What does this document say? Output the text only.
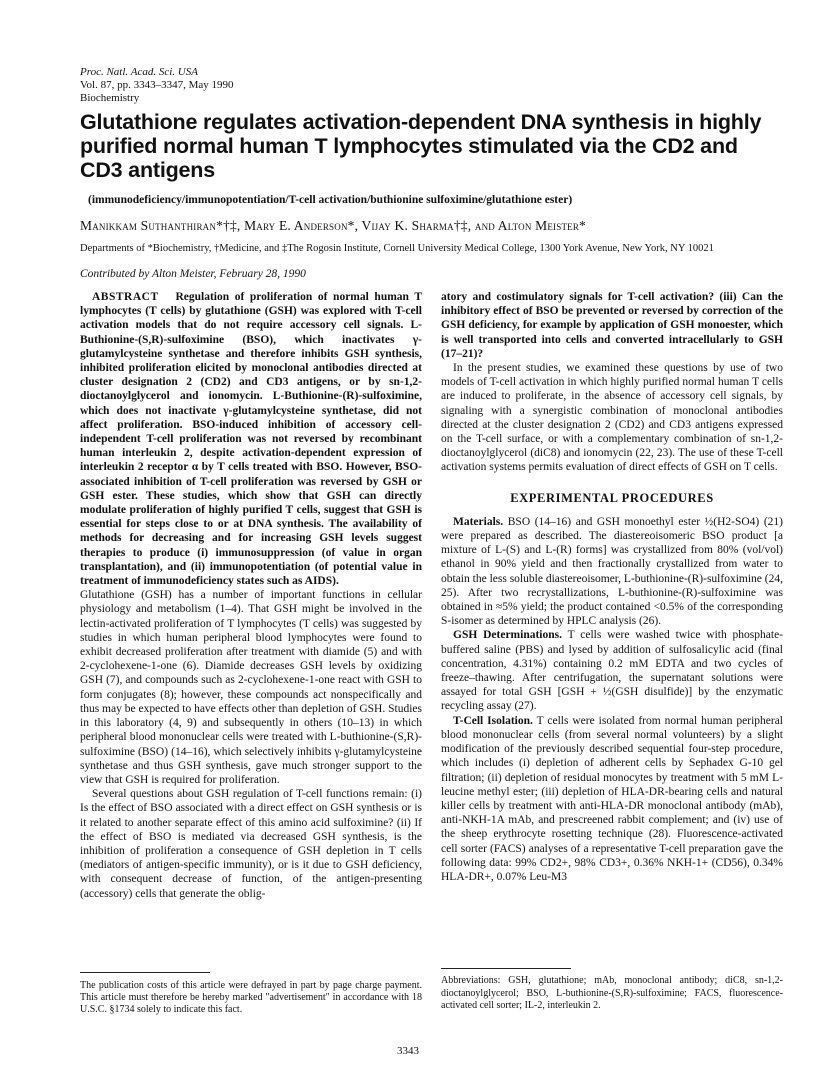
Proc. Natl. Acad. Sci. USA
Vol. 87, pp. 3343–3347, May 1990
Biochemistry
Glutathione regulates activation-dependent DNA synthesis in highly purified normal human T lymphocytes stimulated via the CD2 and CD3 antigens
(immunodeficiency/immunopotentiation/T-cell activation/buthionine sulfoximine/glutathione ester)
Manikkam Suthanthiran*†‡, Mary E. Anderson*, Vijay K. Sharma†‡, and Alton Meister*
Departments of *Biochemistry, †Medicine, and ‡The Rogosin Institute, Cornell University Medical College, 1300 York Avenue, New York, NY 10021
Contributed by Alton Meister, February 28, 1990

ABSTRACT Regulation of proliferation of normal human T lymphocytes (T cells) by glutathione (GSH) was explored with T-cell activation models that do not require accessory cell signals. L-Buthionine-(S,R)-sulfoximine (BSO), which inactivates γ-glutamylcysteine synthetase and therefore inhibits GSH synthesis, inhibited proliferation elicited by monoclonal antibodies directed at cluster designation 2 (CD2) and CD3 antigens, or by sn-1,2-dioctanoylglycerol and ionomycin. L-Buthionine-(R)-sulfoximine, which does not inactivate γ-glutamylcysteine synthetase, did not affect proliferation. BSO-induced inhibition of accessory cell-independent T-cell proliferation was not reversed by recombinant human interleukin 2, despite activation-dependent expression of interleukin 2 receptor α by T cells treated with BSO. However, BSO-associated inhibition of T-cell proliferation was reversed by GSH or GSH ester. These studies, which show that GSH can directly modulate proliferation of highly purified T cells, suggest that GSH is essential for steps close to or at DNA synthesis. The availability of methods for decreasing and for increasing GSH levels suggest therapies to produce (i) immunosuppression (of value in organ transplantation), and (ii) immunopotentiation (of potential value in treatment of immunodeficiency states such as AIDS).

Glutathione (GSH) has a number of important functions in cellular physiology and metabolism (1–4). That GSH might be involved in the lectin-activated proliferation of T lymphocytes (T cells) was suggested by studies in which human peripheral blood lymphocytes were found to exhibit decreased proliferation after treatment with diamide (5) and with 2-cyclohexene-1-one (6). Diamide decreases GSH levels by oxidizing GSH (7), and compounds such as 2-cyclohexene-1-one react with GSH to form conjugates (8); however, these compounds act nonspecifically and thus may be expected to have effects other than depletion of GSH. Studies in this laboratory (4, 9) and subsequently in others (10–13) in which peripheral blood mononuclear cells were treated with L-buthionine-(S,R)-sulfoximine (BSO) (14–16), which selectively inhibits γ-glutamylcysteine synthetase and thus GSH synthesis, gave much stronger support to the view that GSH is required for proliferation.

Several questions about GSH regulation of T-cell functions remain: (i) Is the effect of BSO associated with a direct effect on GSH synthesis or is it related to another separate effect of this amino acid sulfoximine? (ii) If the effect of BSO is mediated via decreased GSH synthesis, is the inhibition of proliferation a consequence of GSH depletion in T cells (mediators of antigen-specific immunity), or is it due to GSH deficiency, with consequent decrease of function, of the antigen-presenting (accessory) cells that generate the oblig-

atory and costimulatory signals for T-cell activation? (iii) Can the inhibitory effect of BSO be prevented or reversed by correction of the GSH deficiency, for example by application of GSH monoester, which is well transported into cells and converted intracellularly to GSH (17–21)?

In the present studies, we examined these questions by use of two models of T-cell activation in which highly purified normal human T cells are induced to proliferate, in the absence of accessory cell signals, by signaling with a synergistic combination of monoclonal antibodies directed at the cluster designation 2 (CD2) and CD3 antigens expressed on the T-cell surface, or with a complementary combination of sn-1,2-dioctanoylglycerol (diC8) and ionomycin (22, 23). The use of these T-cell activation systems permits evaluation of direct effects of GSH on T cells.

EXPERIMENTAL PROCEDURES

Materials. BSO (14–16) and GSH monoethyl ester ½(H2-SO4) (21) were prepared as described. The diastereoisomeric BSO product [a mixture of L-(S) and L-(R) forms] was crystallized from 80% (vol/vol) ethanol in 90% yield and then fractionally crystallized from water to obtain the less soluble diastereoisomer, L-buthionine-(R)-sulfoximine (24, 25). After two recrystallizations, L-buthionine-(R)-sulfoximine was obtained in ≈5% yield; the product contained <0.5% of the corresponding S-isomer as determined by HPLC analysis (26).

GSH Determinations. T cells were washed twice with phosphate-buffered saline (PBS) and lysed by addition of sulfosalicylic acid (final concentration, 4.31%) containing 0.2 mM EDTA and two cycles of freeze–thawing. After centrifugation, the supernatant solutions were assayed for total GSH [GSH + ½(GSH disulfide)] by the enzymatic recycling assay (27).

T-Cell Isolation. T cells were isolated from normal human peripheral blood mononuclear cells (from several normal volunteers) by a slight modification of the previously described sequential four-step procedure, which includes (i) depletion of adherent cells by Sephadex G-10 gel filtration; (ii) depletion of residual monocytes by treatment with 5 mM L-leucine methyl ester; (iii) depletion of HLA-DR-bearing cells and natural killer cells by treatment with anti-HLA-DR monoclonal antibody (mAb), anti-NKH-1A mAb, and prescreened rabbit complement; and (iv) use of the sheep erythrocyte rosetting technique (28). Fluorescence-activated cell sorter (FACS) analyses of a representative T-cell preparation gave the following data: 99% CD2+, 98% CD3+, 0.36% NKH-1+ (CD56), 0.34% HLA-DR+, 0.07% Leu-M3

The publication costs of this article were defrayed in part by page charge payment. This article must therefore be hereby marked "advertisement" in accordance with 18 U.S.C. §1734 solely to indicate this fact.
Abbreviations: GSH, glutathione; mAb, monoclonal antibody; diC8, sn-1,2-dioctanoylglycerol; BSO, L-buthionine-(S,R)-sulfoximine; FACS, fluorescence-activated cell sorter; IL-2, interleukin 2.
3343
